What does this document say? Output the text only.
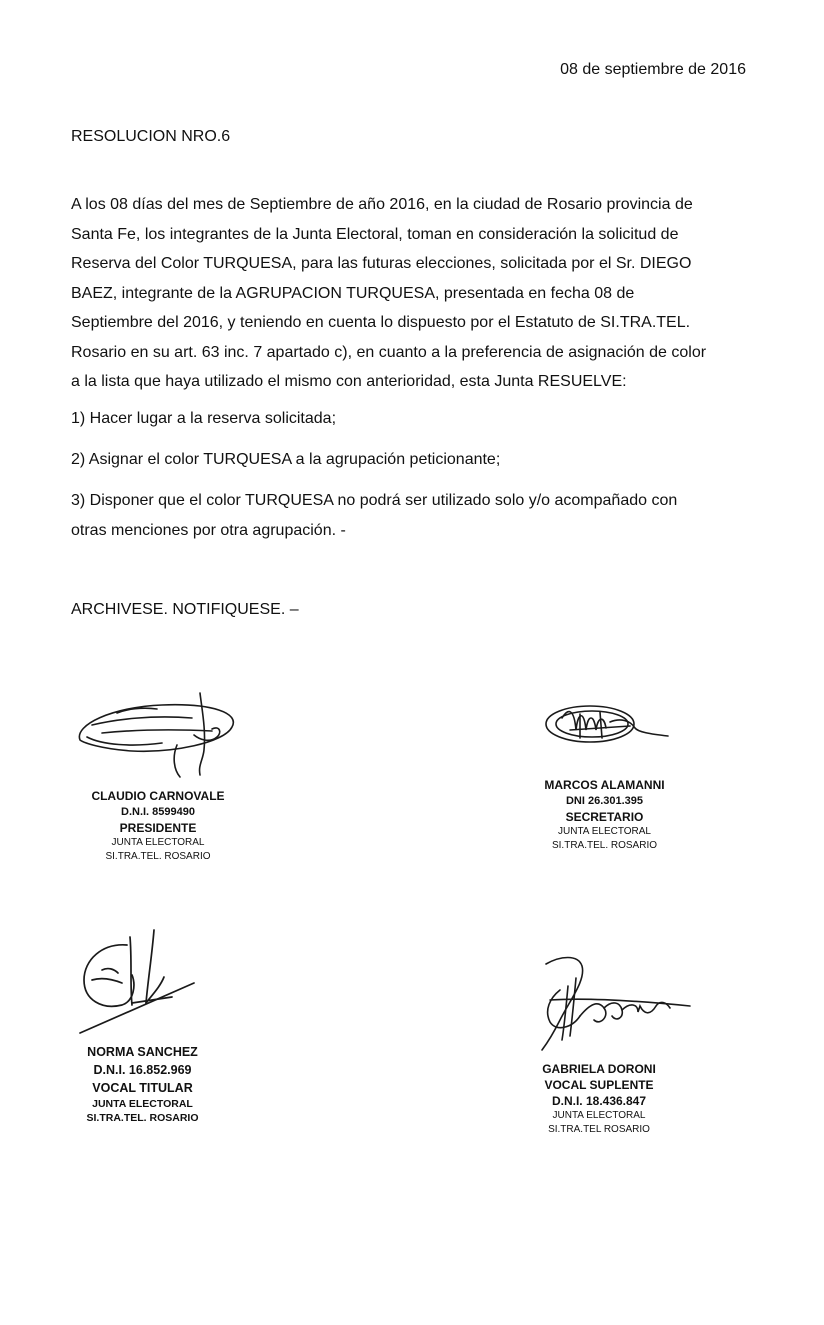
08 de septiembre de 2016
RESOLUCION NRO.6
A los 08 días del mes de Septiembre de año 2016, en la ciudad de Rosario provincia de
Santa Fe, los integrantes de la Junta Electoral, toman en consideración la solicitud de
Reserva del Color TURQUESA, para las futuras elecciones, solicitada por el Sr. DIEGO
BAEZ, integrante de la AGRUPACION TURQUESA, presentada en fecha 08 de
Septiembre del 2016, y teniendo en cuenta lo dispuesto por el Estatuto de SI.TRA.TEL.
Rosario en su art. 63 inc. 7 apartado c), en cuanto a la preferencia de asignación de color
a la lista que haya utilizado el mismo con anterioridad, esta Junta RESUELVE:
1) Hacer lugar a la reserva solicitada;
2) Asignar el color TURQUESA a la agrupación peticionante;
3) Disponer que el color TURQUESA no podrá ser utilizado solo y/o acompañado con
otras menciones por otra agrupación. -
ARCHIVESE. NOTIFIQUESE. –
CLAUDIO CARNOVALE
D.N.I. 8599490
PRESIDENTE
JUNTA ELECTORAL
SI.TRA.TEL. ROSARIO
MARCOS ALAMANNI
DNI 26.301.395
SECRETARIO
JUNTA ELECTORAL
SI.TRA.TEL. ROSARIO
NORMA SANCHEZ
D.N.I. 16.852.969
VOCAL TITULAR
JUNTA ELECTORAL
SI.TRA.TEL. ROSARIO
GABRIELA DORONI
VOCAL SUPLENTE
D.N.I. 18.436.847
JUNTA ELECTORAL
SI.TRA.TEL ROSARIO
